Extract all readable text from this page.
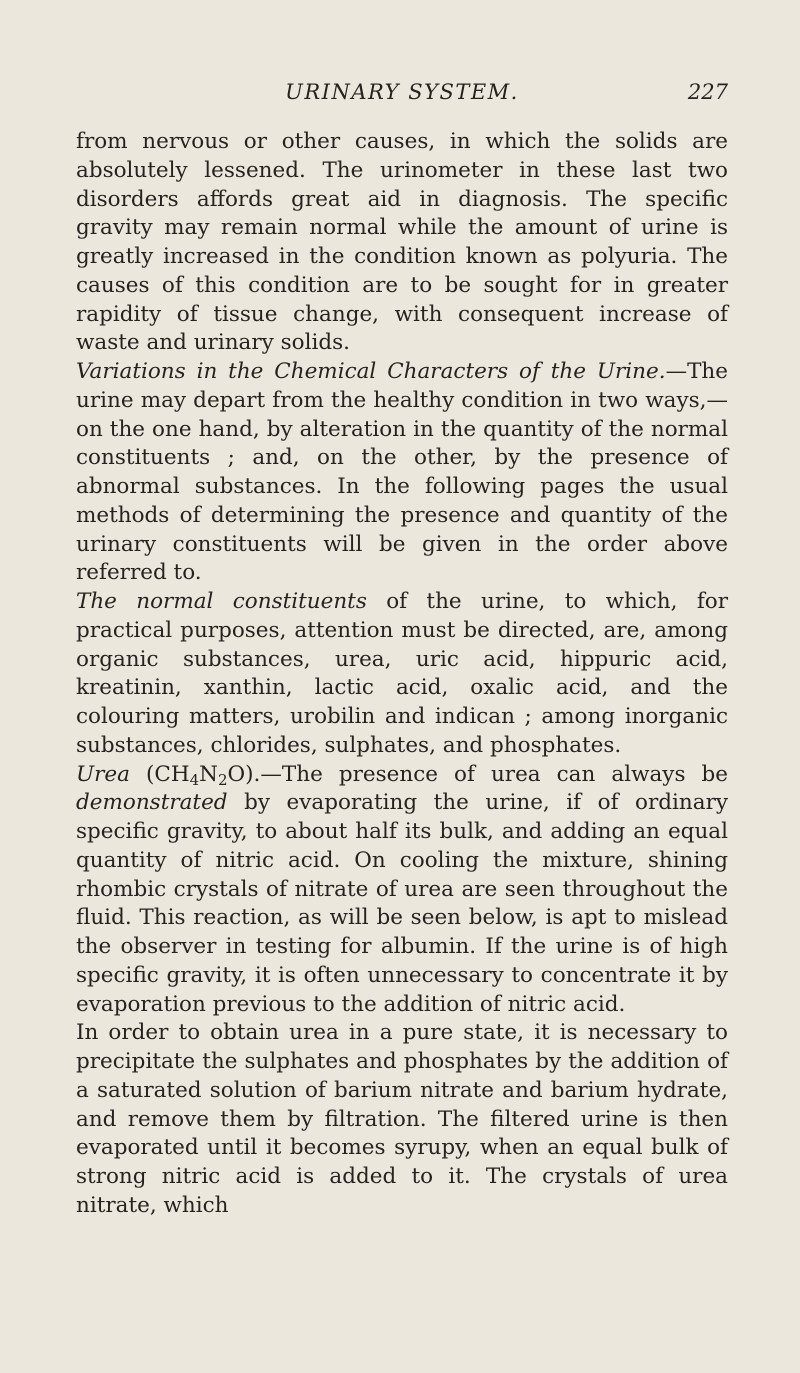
URINARY SYSTEM.	227

from nervous or other causes, in which the solids are absolutely lessened. The urinometer in these last two disorders affords great aid in diagnosis. The specific gravity may remain normal while the amount of urine is greatly increased in the condition known as polyuria. The causes of this condition are to be sought for in greater rapidity of tissue change, with consequent increase of waste and urinary solids.

Variations in the Chemical Characters of the Urine.—The urine may depart from the healthy condition in two ways,—on the one hand, by alteration in the quantity of the normal constituents ; and, on the other, by the presence of abnormal substances. In the following pages the usual methods of determining the presence and quantity of the urinary constituents will be given in the order above referred to.

The normal constituents of the urine, to which, for practical purposes, attention must be directed, are, among organic substances, urea, uric acid, hippuric acid, kreatinin, xanthin, lactic acid, oxalic acid, and the colouring matters, urobilin and indican ; among inorganic substances, chlorides, sulphates, and phosphates.

Urea $(CH_4N_2O).—The$ presence of urea can always be demonstrated by evaporating the urine, if of ordinary specific gravity, to about half its bulk, and adding an equal quantity of nitric acid. On cooling the mixture, shining rhombic crystals of nitrate of urea are seen throughout the fluid. This reaction, as will be seen below, is apt to mislead the observer in testing for albumin. If the urine is of high specific gravity, it is often unnecessary to concentrate it by evaporation previous to the addition of nitric acid.

In order to obtain urea in a pure state, it is necessary to precipitate the sulphates and phosphates by the addition of a saturated solution of barium nitrate and barium hydrate, and remove them by filtration. The filtered urine is then evaporated until it becomes syrupy, when an equal bulk of strong nitric acid is added to it. The crystals of urea nitrate, which
